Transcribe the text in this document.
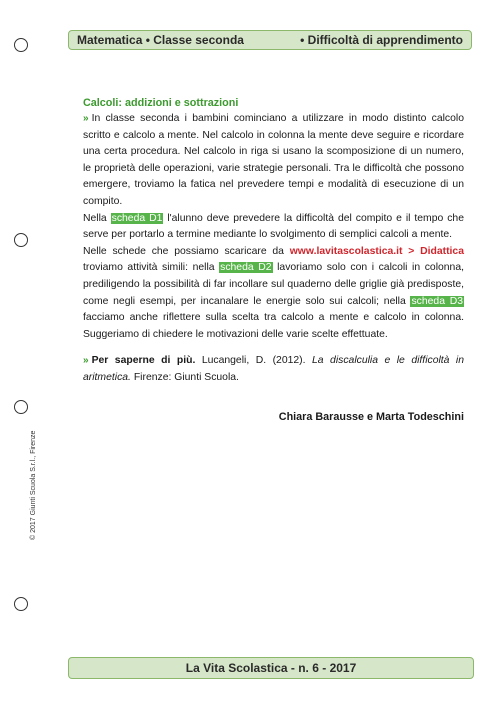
Matematica • Classe seconda	• Difficoltà di apprendimento
Calcoli: addizioni e sottrazioni

» In classe seconda i bambini cominciano a utilizzare in modo distinto calcolo scritto e calcolo a mente. Nel calcolo in colonna la mente deve seguire e ricordare una certa procedura. Nel calcolo in riga si usano la scomposizione di un numero, le proprietà delle operazioni, varie strategie personali. Tra le difficoltà che possono emergere, troviamo la fatica nel prevedere tempi e modalità di esecuzione di un compito.

Nella scheda D1 l'alunno deve prevedere la difficoltà del compito e il tempo che serve per portarlo a termine mediante lo svolgimento di semplici calcoli a mente.

Nelle schede che possiamo scaricare da www.lavitascolastica.it > Didattica troviamo attività simili: nella scheda D2 lavoriamo solo con i calcoli in colonna, prediligendo la possibilità di far incollare sul quaderno delle griglie già predisposte, come negli esempi, per incanalare le energie solo sui calcoli; nella scheda D3 facciamo anche riflettere sulla scelta tra calcolo a mente e calcolo in colonna. Suggeriamo di chiedere le motivazioni delle varie scelte effettuate.

» Per saperne di più. Lucangeli, D. (2012). La discalculia e le difficoltà in aritmetica. Firenze: Giunti Scuola.

Chiara Barausse e Marta Todeschini
© 2017 Giunti Scuola S.r.l., Firenze
La Vita Scolastica - n. 6 - 2017
